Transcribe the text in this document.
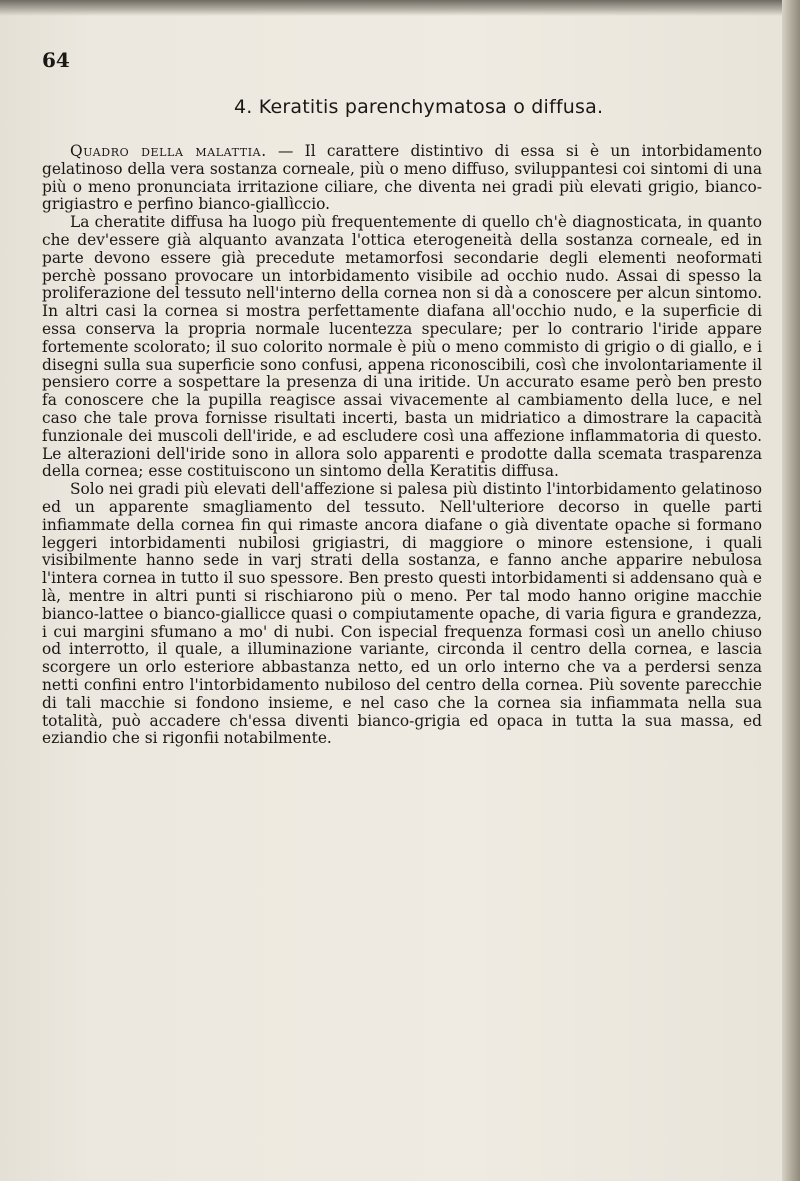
64
4. Keratitis parenchymatosa o diffusa.

Quadro della malattia. — Il carattere distintivo di essa si è un intorbidamento gelatinoso della vera sostanza corneale, più o meno diffuso, sviluppantesi coi sintomi di una più o meno pronunciata irritazione ciliare, che diventa nei gradi più elevati grigio, bianco-grigiastro e perfino bianco-giallìccio.

La cheratite diffusa ha luogo più frequentemente di quello ch'è diagnosticata, in quanto che dev'essere già alquanto avanzata l'ottica eterogeneità della sostanza corneale, ed in parte devono essere già precedute metamorfosi secondarie degli elementi neoformati perchè possano provocare un intorbidamento visibile ad occhio nudo. Assai di spesso la proliferazione del tessuto nell'interno della cornea non si dà a conoscere per alcun sintomo. In altri casi la cornea si mostra perfettamente diafana all'occhio nudo, e la superficie di essa conserva la propria normale lucentezza speculare; per lo contrario l'iride appare fortemente scolorato; il suo colorito normale è più o meno commisto di grigio o di giallo, e i disegni sulla sua superficie sono confusi, appena riconoscibili, così che involontariamente il pensiero corre a sospettare la presenza di una iritide. Un accurato esame però ben presto fa conoscere che la pupilla reagisce assai vivacemente al cambiamento della luce, e nel caso che tale prova fornisse risultati incerti, basta un midriatico a dimostrare la capacità funzionale dei muscoli dell'iride, e ad escludere così una affezione inflammatoria di questo. Le alterazioni dell'iride sono in allora solo apparenti e prodotte dalla scemata trasparenza della cornea; esse costituiscono un sintomo della Keratitis diffusa.

Solo nei gradi più elevati dell'affezione si palesa più distinto l'intorbidamento gelatinoso ed un apparente smagliamento del tessuto. Nell'ulteriore decorso in quelle parti infiammate della cornea fin qui rimaste ancora diafane o già diventate opache si formano leggeri intorbidamenti nubilosi grigiastri, di maggiore o minore estensione, i quali visibilmente hanno sede in varj strati della sostanza, e fanno anche apparire nebulosa l'intera cornea in tutto il suo spessore. Ben presto questi intorbidamenti si addensano quà e là, mentre in altri punti si rischiarono più o meno. Per tal modo hanno origine macchie bianco-lattee o bianco-giallicce quasi o compiutamente opache, di varia figura e grandezza, i cui margini sfumano a mo' di nubi. Con ispecial frequenza formasi così un anello chiuso od interrotto, il quale, a illuminazione variante, circonda il centro della cornea, e lascia scorgere un orlo esteriore abbastanza netto, ed un orlo interno che va a perdersi senza netti confini entro l'intorbidamento nubiloso del centro della cornea. Più sovente parecchie di tali macchie si fondono insieme, e nel caso che la cornea sia infiammata nella sua totalità, può accadere ch'essa diventi bianco-grigia ed opaca in tutta la sua massa, ed eziandio che si rigonfii notabilmente.
